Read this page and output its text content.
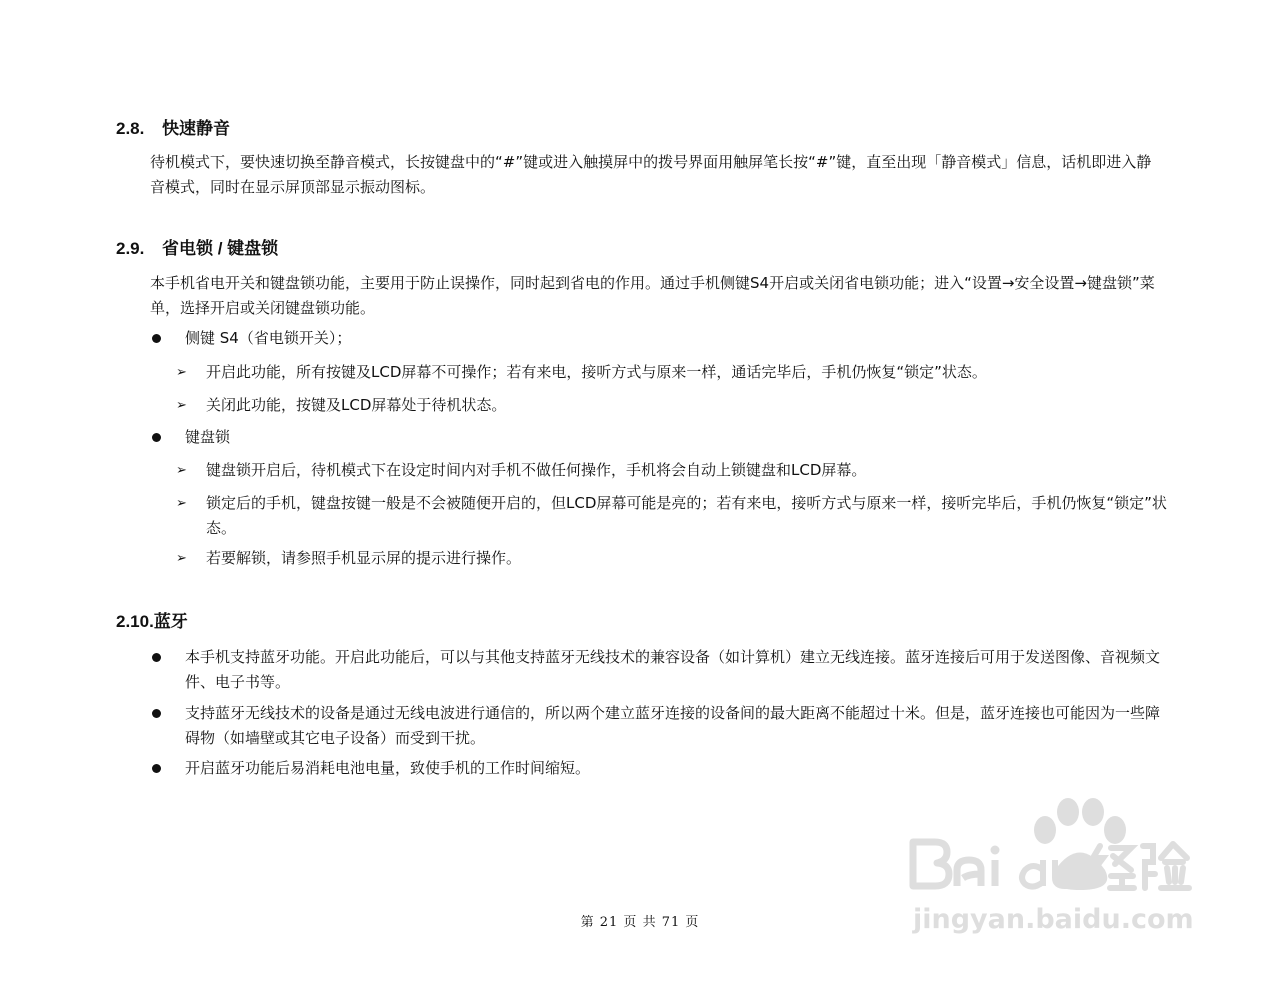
2.8. 快速静音

待机模式下，要快速切换至静音模式，长按键盘中的“#”键或进入触摸屏中的拨号界面用触屏笔长按“#”键，直至出现「静音模式」信息，话机即进入静音模式，同时在显示屏顶部显示振动图标。

2.9. 省电锁 / 键盘锁

本手机省电开关和键盘锁功能，主要用于防止误操作，同时起到省电的作用。通过手机侧键S4开启或关闭省电锁功能；进入“设置→安全设置→键盘锁”菜单，选择开启或关闭键盘锁功能。

侧键 S4（省电锁开关）；
➢ 开启此功能，所有按键及LCD屏幕不可操作；若有来电，接听方式与原来一样，通话完毕后，手机仍恢复“锁定”状态。
➢ 关闭此功能，按键及LCD屏幕处于待机状态。
键盘锁
➢ 键盘锁开启后，待机模式下在设定时间内对手机不做任何操作，手机将会自动上锁键盘和LCD屏幕。
➢ 锁定后的手机，键盘按键一般是不会被随便开启的，但LCD屏幕可能是亮的；若有来电，接听方式与原来一样，接听完毕后，手机仍恢复“锁定”状态。
➢ 若要解锁，请参照手机显示屏的提示进行操作。
2.10.蓝牙
本手机支持蓝牙功能。开启此功能后，可以与其他支持蓝牙无线技术的兼容设备（如计算机）建立无线连接。蓝牙连接后可用于发送图像、音视频文件、电子书等。
支持蓝牙无线技术的设备是通过无线电波进行通信的，所以两个建立蓝牙连接的设备间的最大距离不能超过十米。但是，蓝牙连接也可能因为一些障碍物（如墙壁或其它电子设备）而受到干扰。
开启蓝牙功能后易消耗电池电量，致使手机的工作时间缩短。
第 21 页 共 71 页	jingyan.baidu.com
